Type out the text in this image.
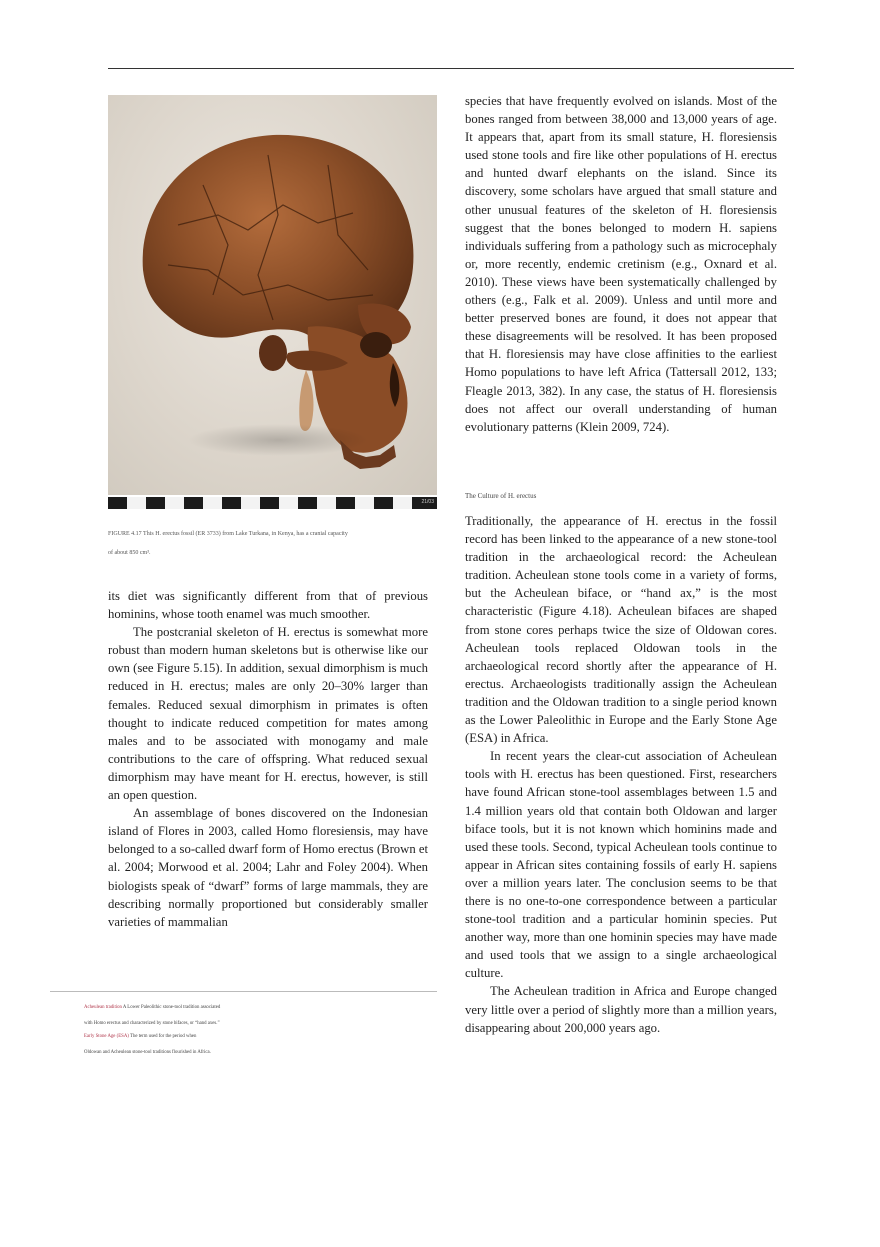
21/03
FIGURE 4.17 This H. erectus fossil (ER 3733) from Lake Turkana, in Kenya, has a cranial capacity of about 850 cm³.

its diet was significantly different from that of previous hominins, whose tooth enamel was much smoother.

The postcranial skeleton of H. erectus is somewhat more robust than modern human skeletons but is otherwise like our own (see Figure 5.15). In addition, sexual dimorphism is much reduced in H. erectus; males are only 20–30% larger than females. Reduced sexual dimorphism in primates is often thought to indicate reduced competition for mates among males and to be associated with monogamy and male contributions to the care of offspring. What reduced sexual dimorphism may have meant for H. erectus, however, is still an open question.

An assemblage of bones discovered on the Indonesian island of Flores in 2003, called Homo floresiensis, may have belonged to a so-called dwarf form of Homo erectus (Brown et al. 2004; Morwood et al. 2004; Lahr and Foley 2004). When biologists speak of “dwarf” forms of large mammals, they are describing normally proportioned but considerably smaller varieties of mammalian

species that have frequently evolved on islands. Most of the bones ranged from between 38,000 and 13,000 years of age. It appears that, apart from its small stature, H. floresiensis used stone tools and fire like other populations of H. erectus and hunted dwarf elephants on the island. Since its discovery, some scholars have argued that small stature and other unusual features of the skeleton of H. floresiensis suggest that the bones belonged to modern H. sapiens individuals suffering from a pathology such as microcephaly or, more recently, endemic cretinism (e.g., Oxnard et al. 2010). These views have been systematically challenged by others (e.g., Falk et al. 2009). Unless and until more and better preserved bones are found, it does not appear that these disagreements will be resolved. It has been proposed that H. floresiensis may have close affinities to the earliest Homo populations to have left Africa (Tattersall 2012, 133; Fleagle 2013, 382). In any case, the status of H. floresiensis does not affect our overall understanding of human evolutionary patterns (Klein 2009, 724).

The Culture of H. erectus

Traditionally, the appearance of H. erectus in the fossil record has been linked to the appearance of a new stone-tool tradition in the archaeological record: the Acheulean tradition. Acheulean stone tools come in a variety of forms, but the Acheulean biface, or “hand ax,” is the most characteristic (Figure 4.18). Acheulean bifaces are shaped from stone cores perhaps twice the size of Oldowan cores. Acheulean tools replaced Oldowan tools in the archaeological record shortly after the appearance of H. erectus. Archaeologists traditionally assign the Acheulean tradition and the Oldowan tradition to a single period known as the Lower Paleolithic in Europe and the Early Stone Age (ESA) in Africa.

In recent years the clear-cut association of Acheulean tools with H. erectus has been questioned. First, researchers have found African stone-tool assemblages between 1.5 and 1.4 million years old that contain both Oldowan and larger biface tools, but it is not known which hominins made and used these tools. Second, typical Acheulean tools continue to appear in African sites containing fossils of early H. sapiens over a million years later. The conclusion seems to be that there is no one-to-one correspondence between a particular stone-tool tradition and a particular hominin species. Put another way, more than one hominin species may have made and used tools that we assign to a single archaeological culture.

The Acheulean tradition in Africa and Europe changed very little over a period of slightly more than a million years, disappearing about 200,000 years ago.

Acheulean tradition A Lower Paleolithic stone-tool tradition associated
with Homo erectus and characterized by stone bifaces, or “hand axes.”
Early Stone Age (ESA) The term used for the period when
Oldowan and Acheulean stone-tool traditions flourished in Africa.
